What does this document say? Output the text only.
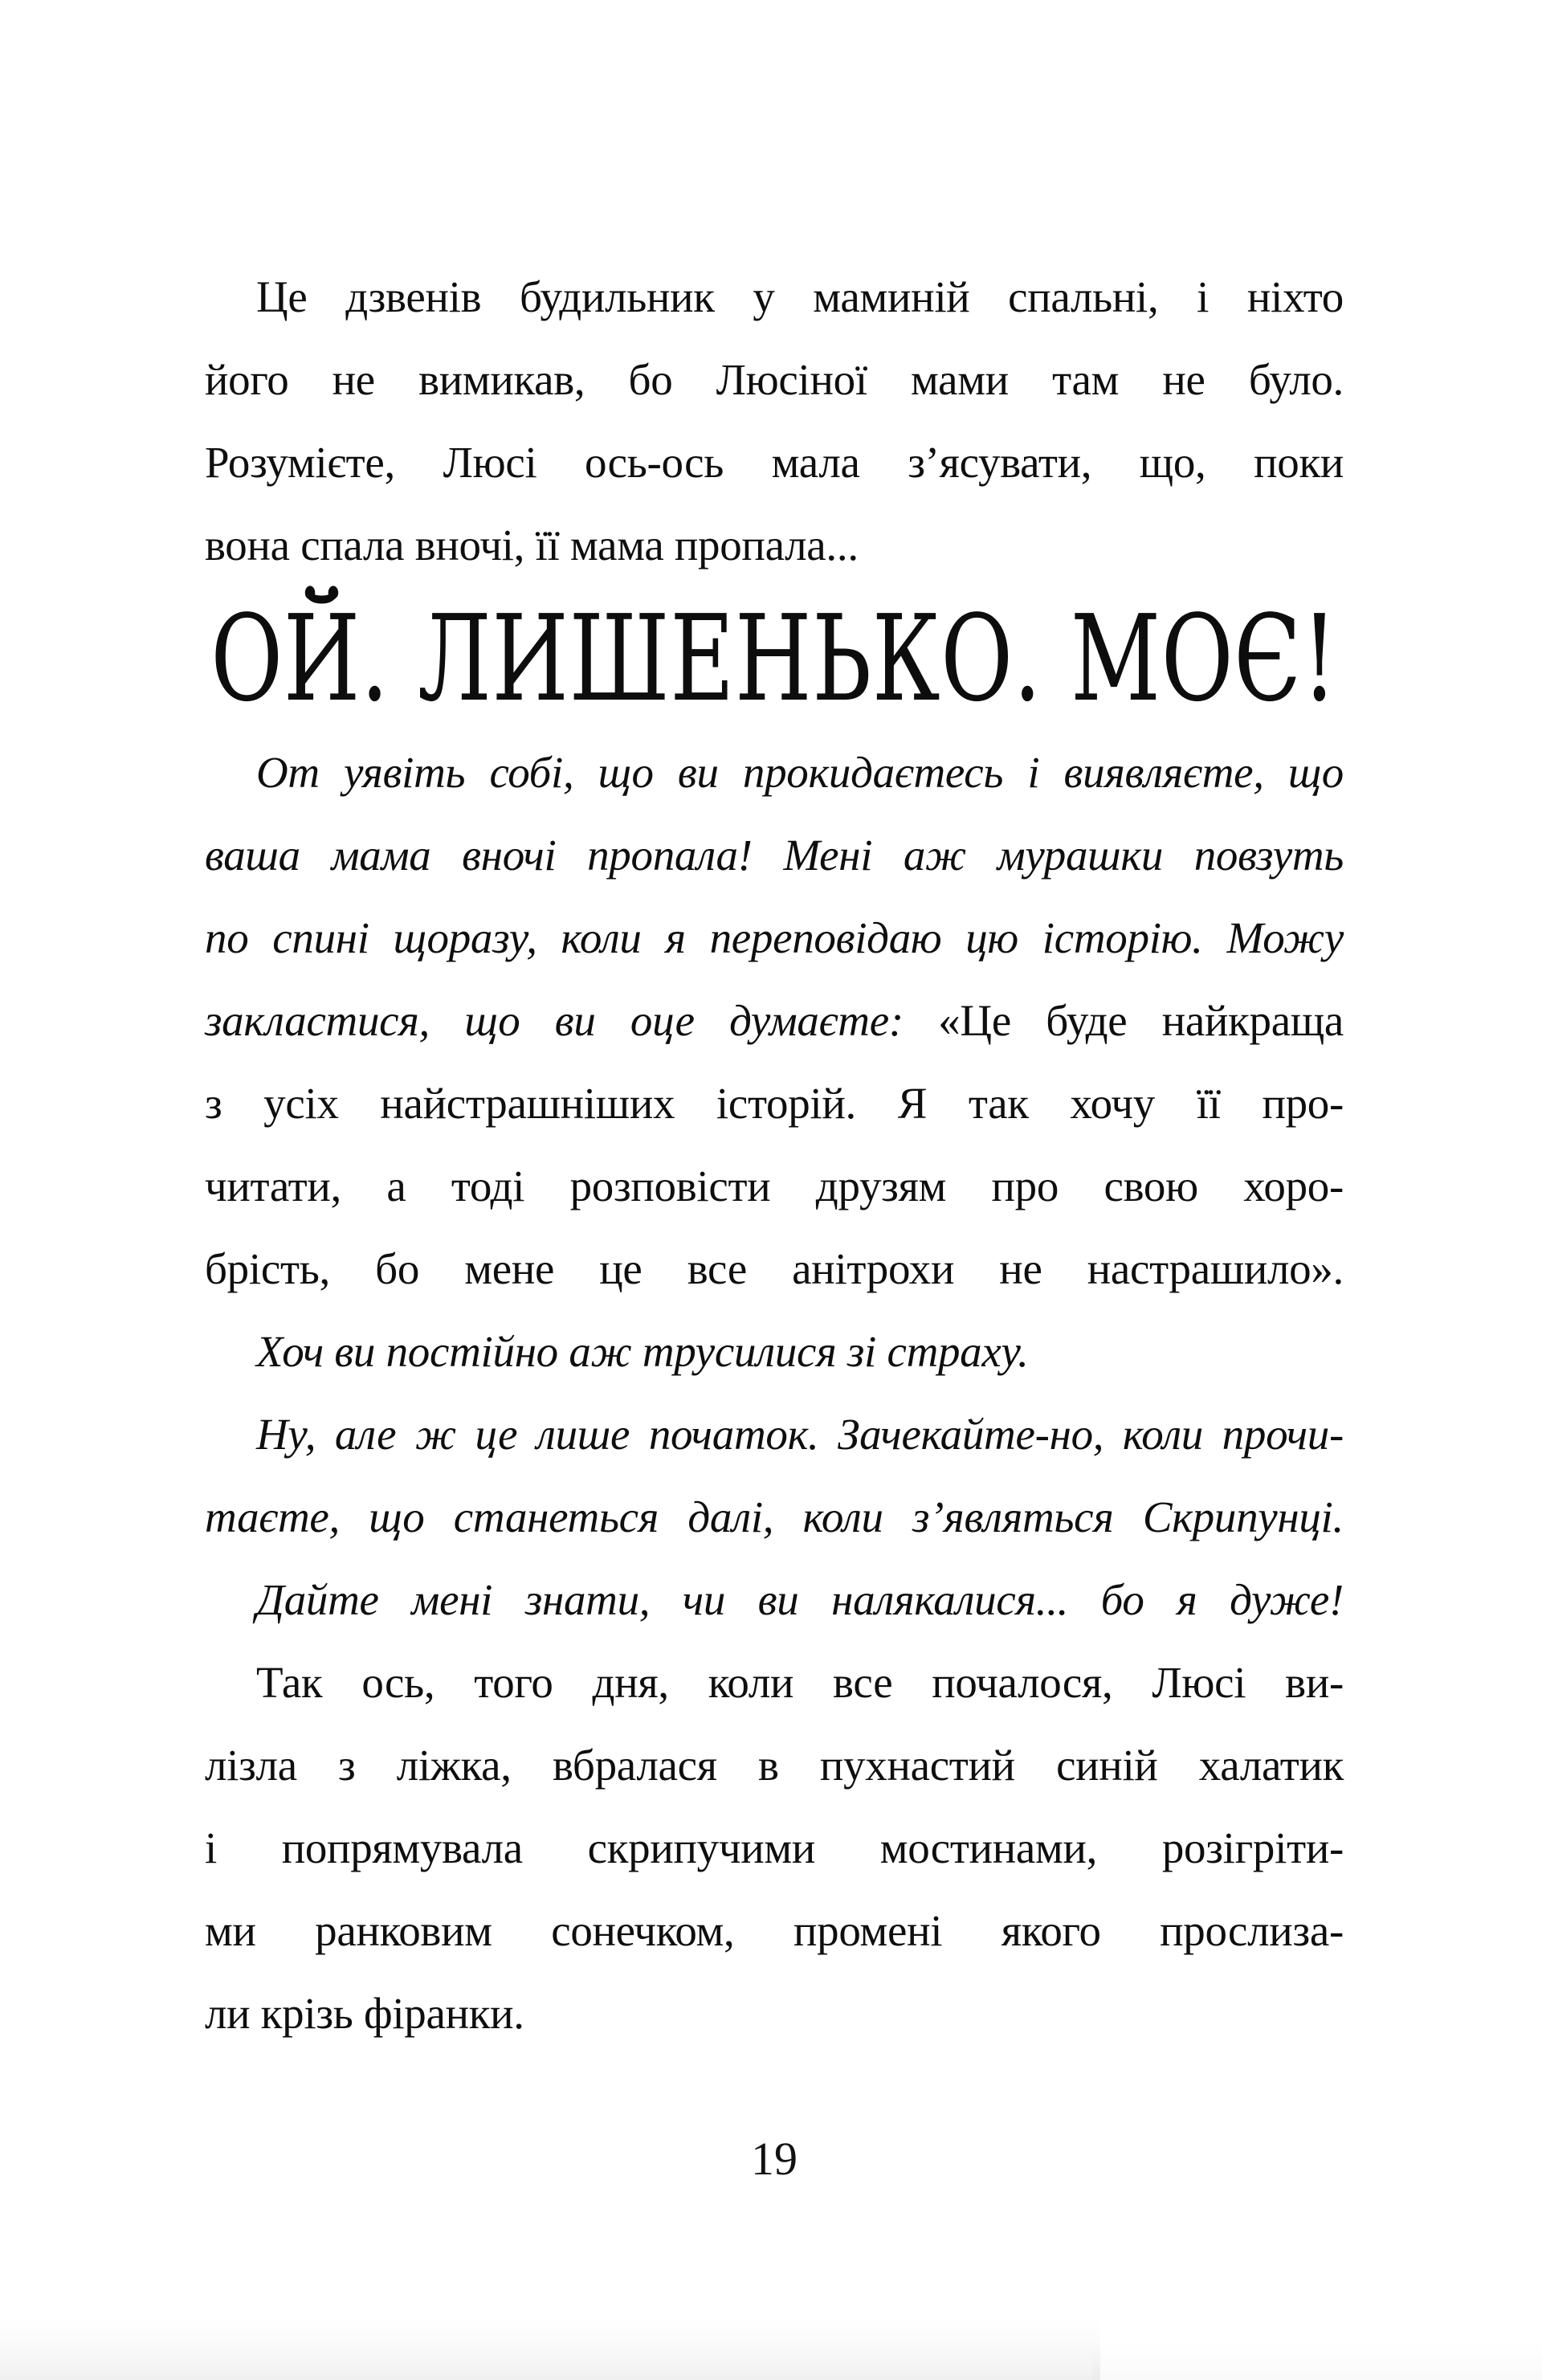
Це дзвенів будильник у маминій спальні, і ніхто

його не вимикав, бо Люсіної мами там не було.

Розумієте, Люсі ось-ось мала з’ясувати, що, поки

вона спала вночі, її мама пропала...

ОЙ. ЛИШЕНЬКО. МОЄ!

От уявіть собі, що ви прокидаєтесь і виявляєте, що

ваша мама вночі пропала! Мені аж мурашки повзуть

по спині щоразу, коли я переповідаю цю історію. Можу

закластися, що ви оце думаєте: «Це буде найкраща

з усіх найстрашніших історій. Я так хочу її про-

читати, а тоді розповісти друзям про свою хоро-

брість, бо мене це все анітрохи не настрашило».

Хоч ви постійно аж трусилися зі страху.

Ну, але ж це лише початок. Зачекайте-но, коли прочи-

таєте, що станеться далі, коли з’являться Скрипунці.

Дайте мені знати, чи ви налякалися... бо я дуже!

Так ось, того дня, коли все почалося, Люсі ви-

лізла з ліжка, вбралася в пухнастий синій халатик

і попрямувала скрипучими мостинами, розігріти-

ми ранковим сонечком, промені якого прослиза-

ли крізь фіранки.

19
